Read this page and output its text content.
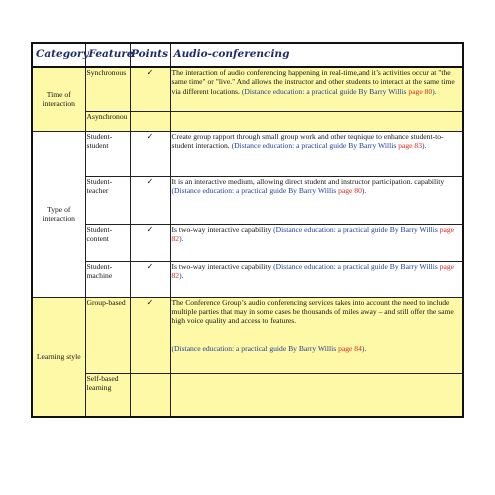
Category	Feature	Points	Audio-conferencing
Time of interaction	Synchronous	✓	The interaction of audio conferencing happening in real-time,and it’s activities occur at "the same time" or "live." And allows the instructor and other students to interact at the same time via different locations. (Distance education: a practical guide By Barry Willis page 80).
	Asynchronou		
Type of interaction	Student-student	✓	Create group rapport through small group work and other teqnique to enhance student-to-student interaction. (Distance education: a practical guide By Barry Willis page 83).
	Student-teacher	✓	It is an interactive medium, allowing direct student and instructor participation. capability (Distance education: a practical guide By Barry Willis page 80).
	Student-content	✓	Is two-way interactive capability (Distance education: a practical guide By Barry Willis page 82).
	Student-machine	✓	Is two-way interactive capability (Distance education: a practical guide By Barry Willis page 82).
Learning style	Group-based	✓	The Conference Group’s audio conferencing services takes into account the need to include multiple parties that may in some cases be thousands of miles away – and still offer the same high voice quality and access to features.
(Distance education: a practical guide By Barry Willis page 84).
	Self-based learning		
